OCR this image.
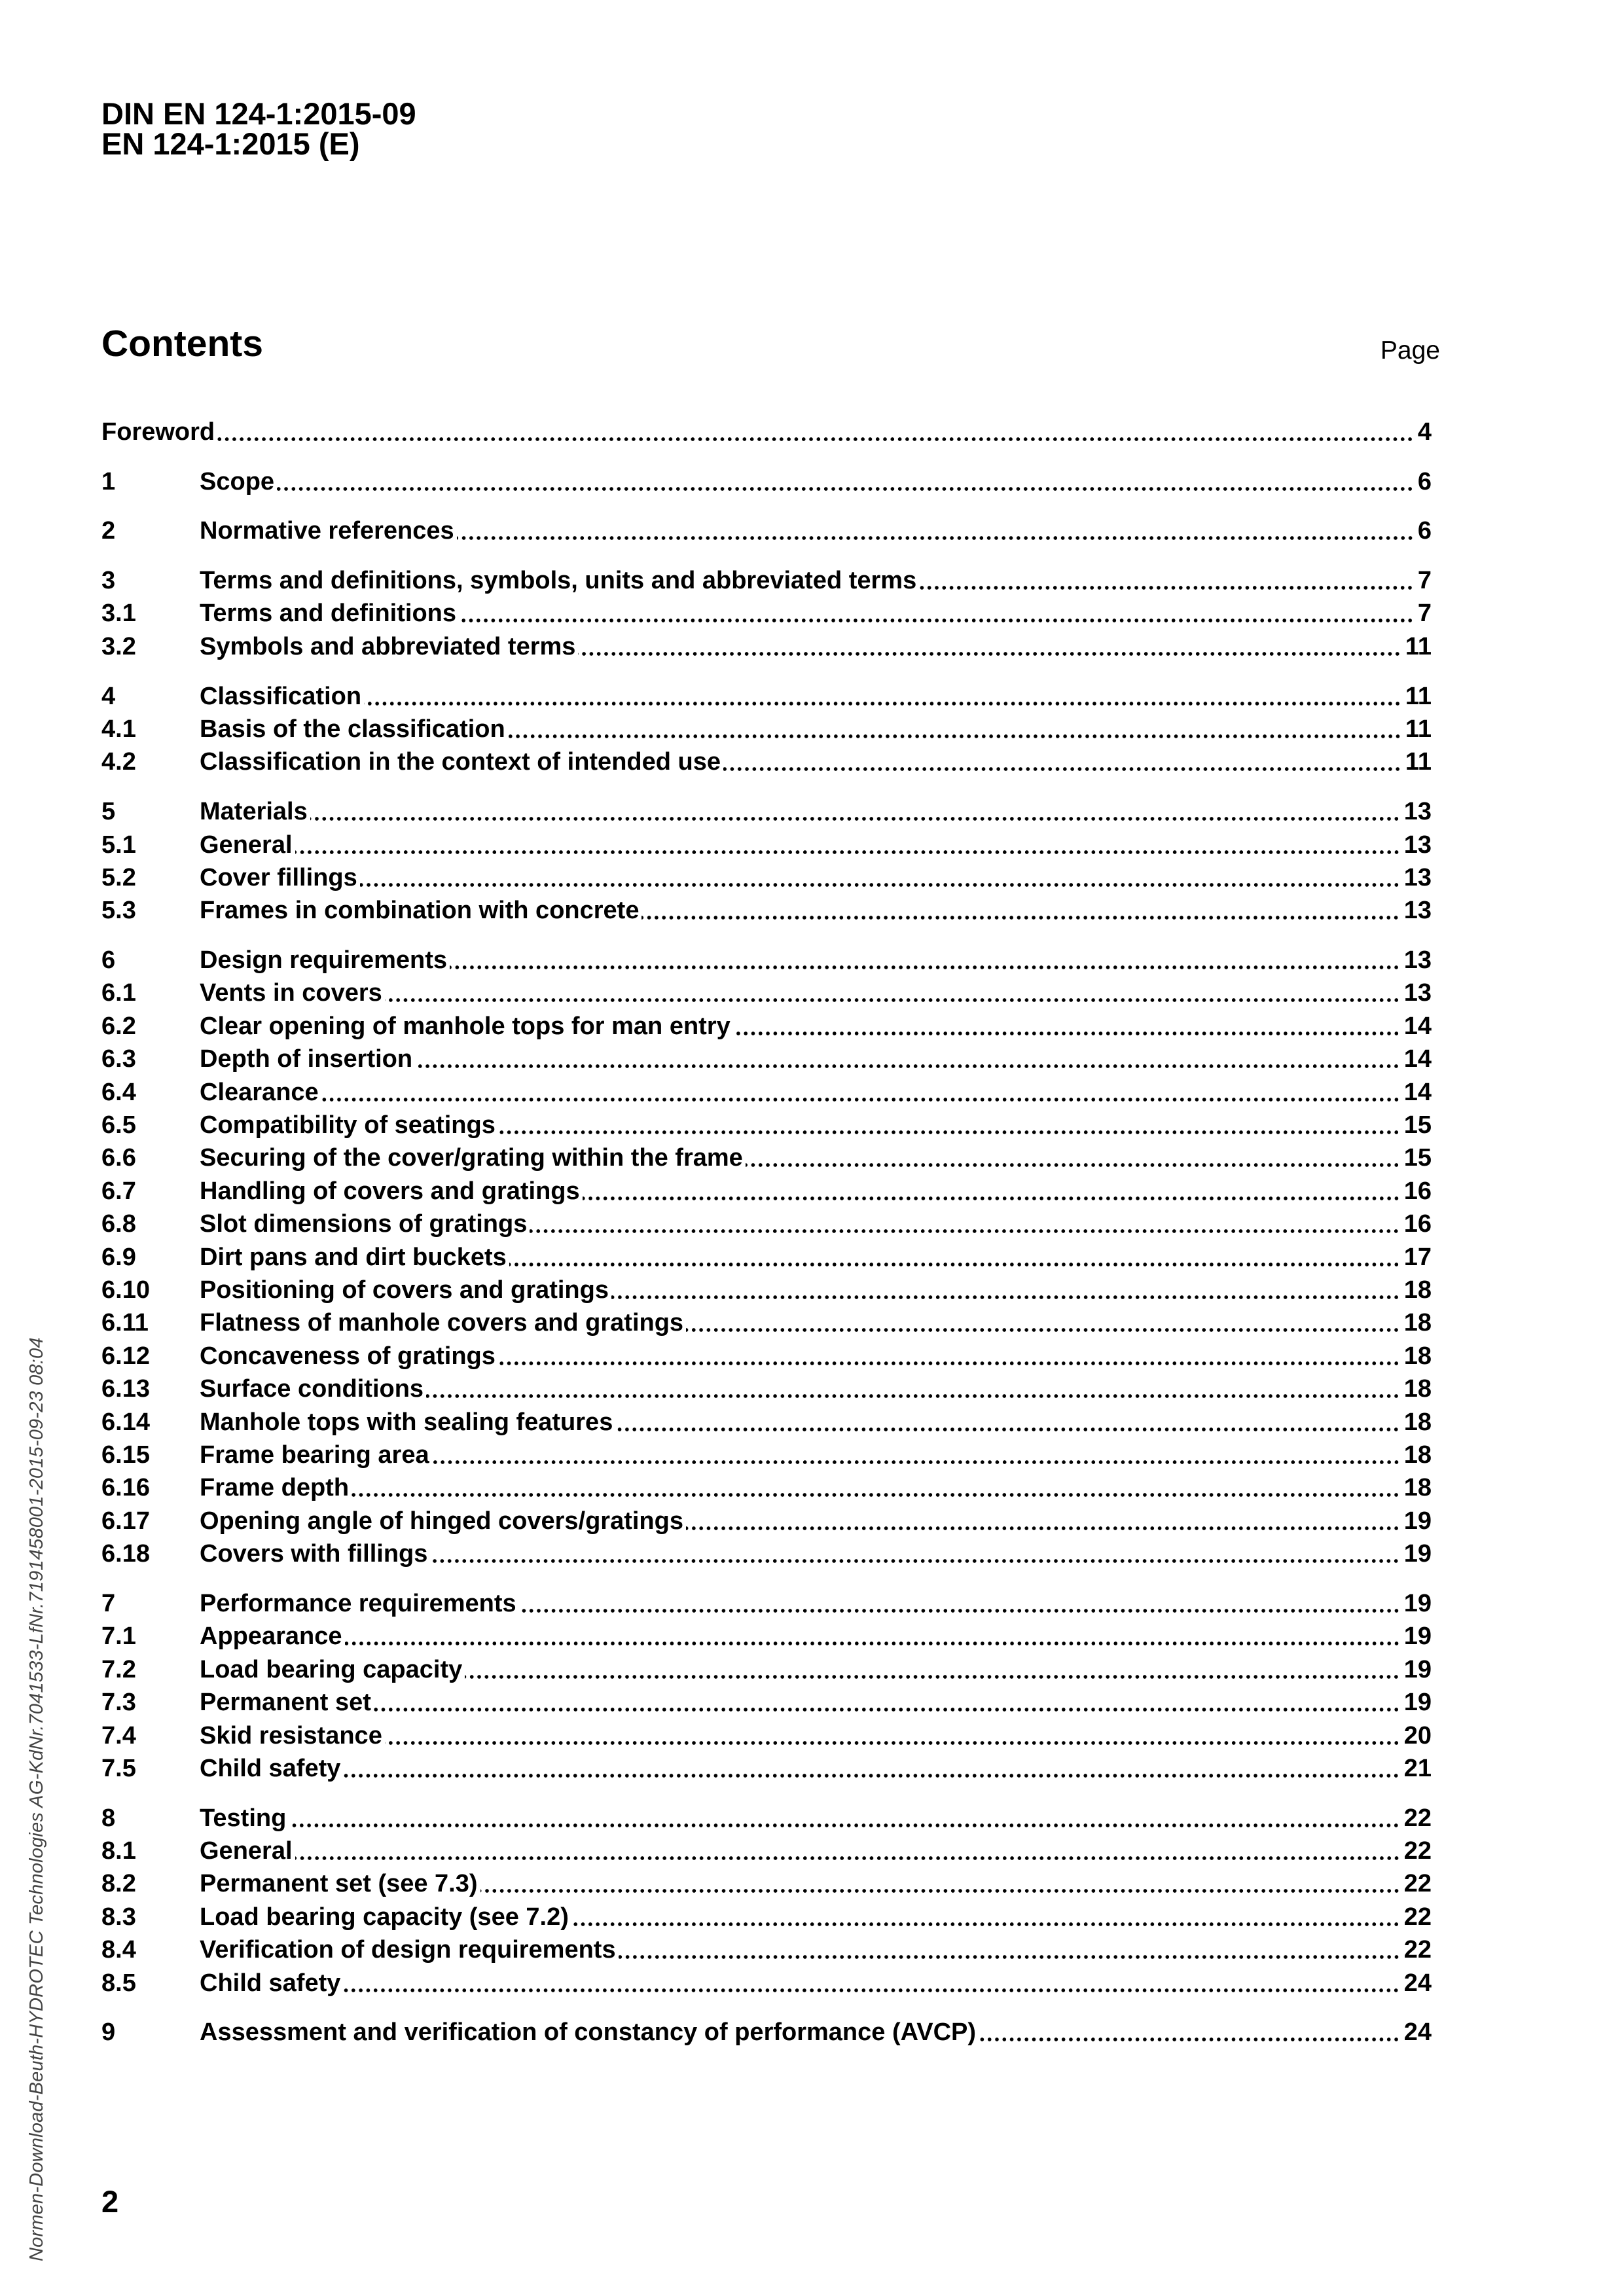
DIN EN 124-1:2015-09
EN 124-1:2015 (E)
Contents	Page
Foreword	4
1	Scope	6
2	Normative references	6
3	Terms and definitions, symbols, units and abbreviated terms	7
3.1	Terms and definitions	7
3.2	Symbols and abbreviated terms	11
4	Classification	11
4.1	Basis of the classification	11
4.2	Classification in the context of intended use	11
5	Materials	13
5.1	General	13
5.2	Cover fillings	13
5.3	Frames in combination with concrete	13
6	Design requirements	13
6.1	Vents in covers	13
6.2	Clear opening of manhole tops for man entry	14
6.3	Depth of insertion	14
6.4	Clearance	14
6.5	Compatibility of seatings	15
6.6	Securing of the cover/grating within the frame	15
6.7	Handling of covers and gratings	16
6.8	Slot dimensions of gratings	16
6.9	Dirt pans and dirt buckets	17
6.10	Positioning of covers and gratings	18
6.11	Flatness of manhole covers and gratings	18
6.12	Concaveness of gratings	18
6.13	Surface conditions	18
6.14	Manhole tops with sealing features	18
6.15	Frame bearing area	18
6.16	Frame depth	18
6.17	Opening angle of hinged covers/gratings	19
6.18	Covers with fillings	19
7	Performance requirements	19
7.1	Appearance	19
7.2	Load bearing capacity	19
7.3	Permanent set	19
7.4	Skid resistance	20
7.5	Child safety	21
8	Testing	22
8.1	General	22
8.2	Permanent set (see 7.3)	22
8.3	Load bearing capacity (see 7.2)	22
8.4	Verification of design requirements	22
8.5	Child safety	24
9	Assessment and verification of constancy of performance (AVCP)	24
Normen-Download-Beuth-HYDROTEC Technologies AG-KdNr.7041533-LfNr.7191458001-2015-09-23 08:04 2
